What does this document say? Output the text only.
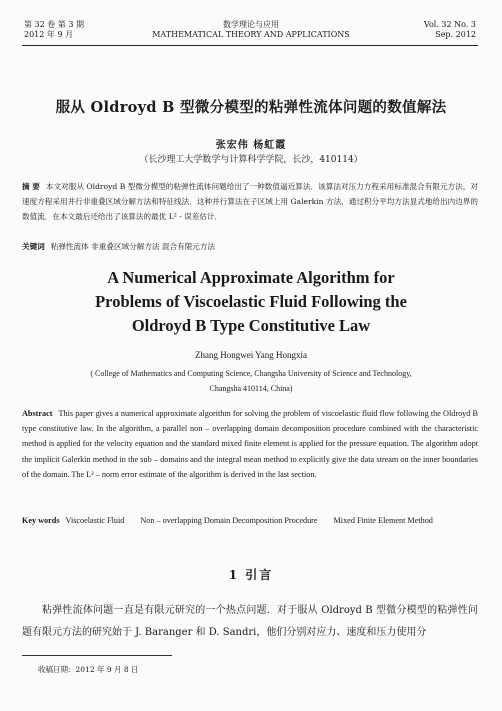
第 32 卷 第 3 期
2012 年 9 月
数学理论与应用
MATHEMATICAL THEORY AND APPLICATIONS
Vol. 32 No. 3
Sep. 2012
服从 Oldroyd B 型微分模型的粘弹性流体问题的数值解法
张宏伟 杨虹霞
（长沙理工大学数学与计算科学学院，长沙，410114）
摘 要 本文对服从 Oldroyd B 型微分模型的粘弹性流体问题给出了一种数值逼近算法．该算法对压力方程采用标准混合有限元方法，对速度方程采用并行非重叠区域分解方法和特征线法．这种并行算法在子区域上用 Galerkin 方法，通过积分平均方法显式地给出内边界的数值流．在本文最后还给出了该算法的最优 L² - 误差估计．
关键词 粘弹性流体 非重叠区域分解方法 混合有限元方法
A Numerical Approximate Algorithm for
Problems of Viscoelastic Fluid Following the
Oldroyd B Type Constitutive Law
Zhang Hongwei Yang Hongxia
( College of Mathematics and Computing Science, Changsha University of Science and Technology,
Changsha 410114, China)
Abstract This paper gives a numerical approximate algorithm for solving the problem of viscoelastic fluid flow following the Oldroyd B type constitutive law. In the algorithm, a parallel non – overlapping domain decomposition procedure combined with the characteristic method is applied for the velocity equation and the standard mixed finite element is applied for the pressure equation. The algorithm adopt the implicit Galerkin method in the sub – domains and the integral mean method to explicitly give the data stream on the inner boundaries of the domain. The L² – norm error estimate of the algorithm is derived in the last section.
Key words Viscoelastic Fluid Non – overlapping Domain Decomposition Procedure Mixed Finite Element Method
1 引言
粘弹性流体问题一直是有限元研究的一个热点问题．对于服从 Oldroyd B 型微分模型的粘弹性问题有限元方法的研究始于 J. Baranger 和 D. Sandri，他们分别对应力、速度和压力使用分
收稿日期：2012 年 9 月 8 日
